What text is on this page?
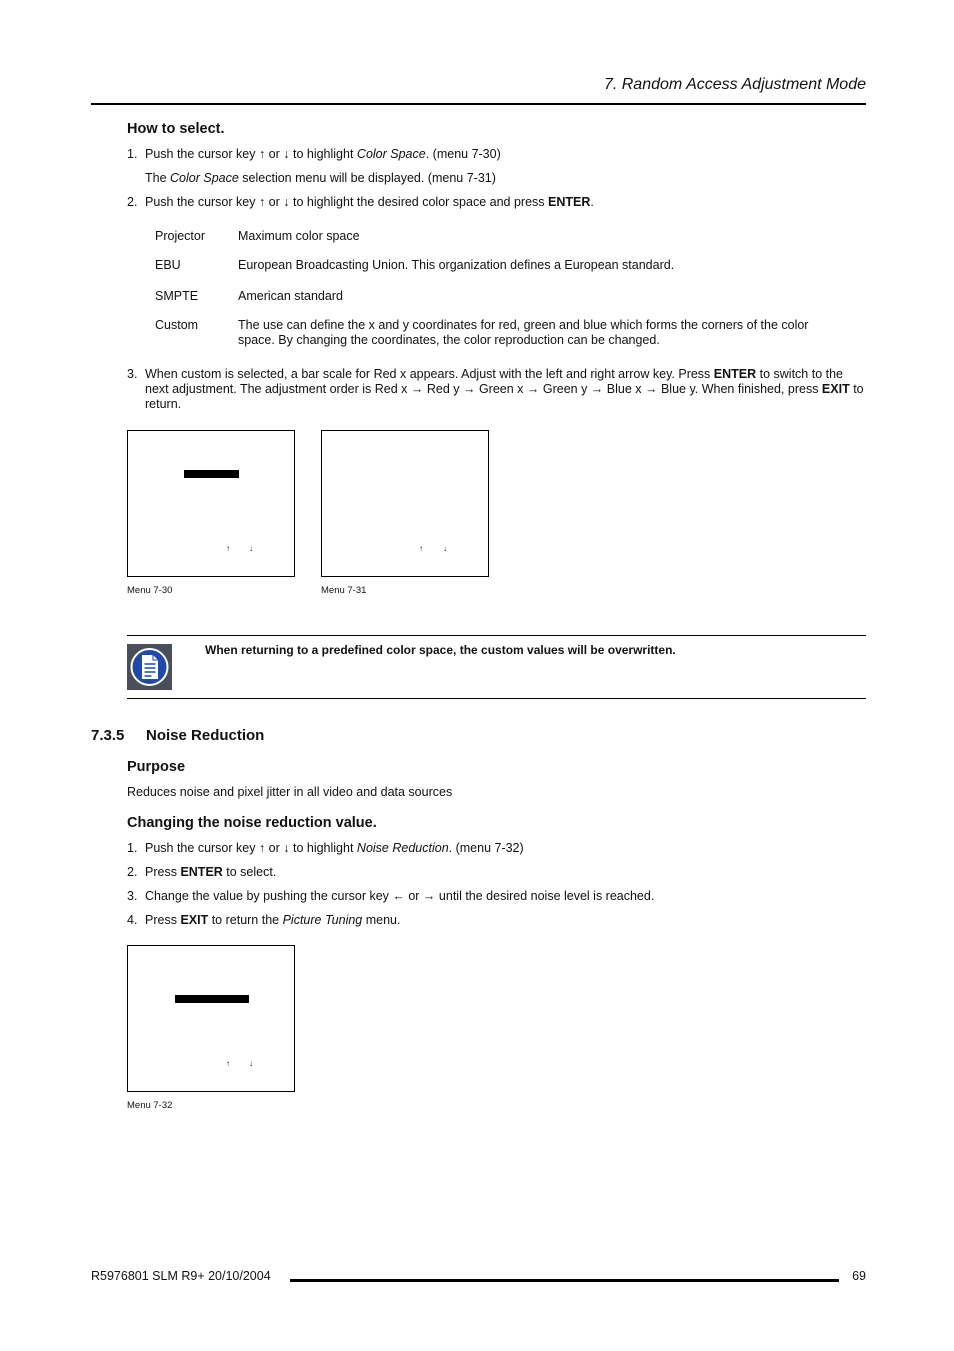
7. Random Access Adjustment Mode
How to select.
1. Push the cursor key ↑ or ↓ to highlight Color Space. (menu 7-30)
The Color Space selection menu will be displayed. (menu 7-31)
2. Push the cursor key ↑ or ↓ to highlight the desired color space and press ENTER.
Projector	Maximum color space
EBU	European Broadcasting Union. This organization defines a European standard.
SMPTE	American standard
Custom	The use can define the x and y coordinates for red, green and blue which forms the corners of the color space. By changing the coordinates, the color reproduction can be changed.
3. When custom is selected, a bar scale for Red x appears. Adjust with the left and right arrow key. Press ENTER to switch to the next adjustment. The adjustment order is Red x → Red y → Green x → Green y → Blue x → Blue y. When finished, press EXIT to return.
↑ ↓
Menu 7-30
↑	↓
Menu 7-31
When returning to a predefined color space, the custom values will be overwritten.
7.3.5 Noise Reduction
Purpose
Reduces noise and pixel jitter in all video and data sources
Changing the noise reduction value.
1. Push the cursor key ↑ or ↓ to highlight Noise Reduction. (menu 7-32)
2. Press ENTER to select.
3. Change the value by pushing the cursor key ← or → until the desired noise level is reached.
4. Press EXIT to return the Picture Tuning menu.
↑ ↓
Menu 7-32
R5976801 SLM R9+ 20/10/2004	69
